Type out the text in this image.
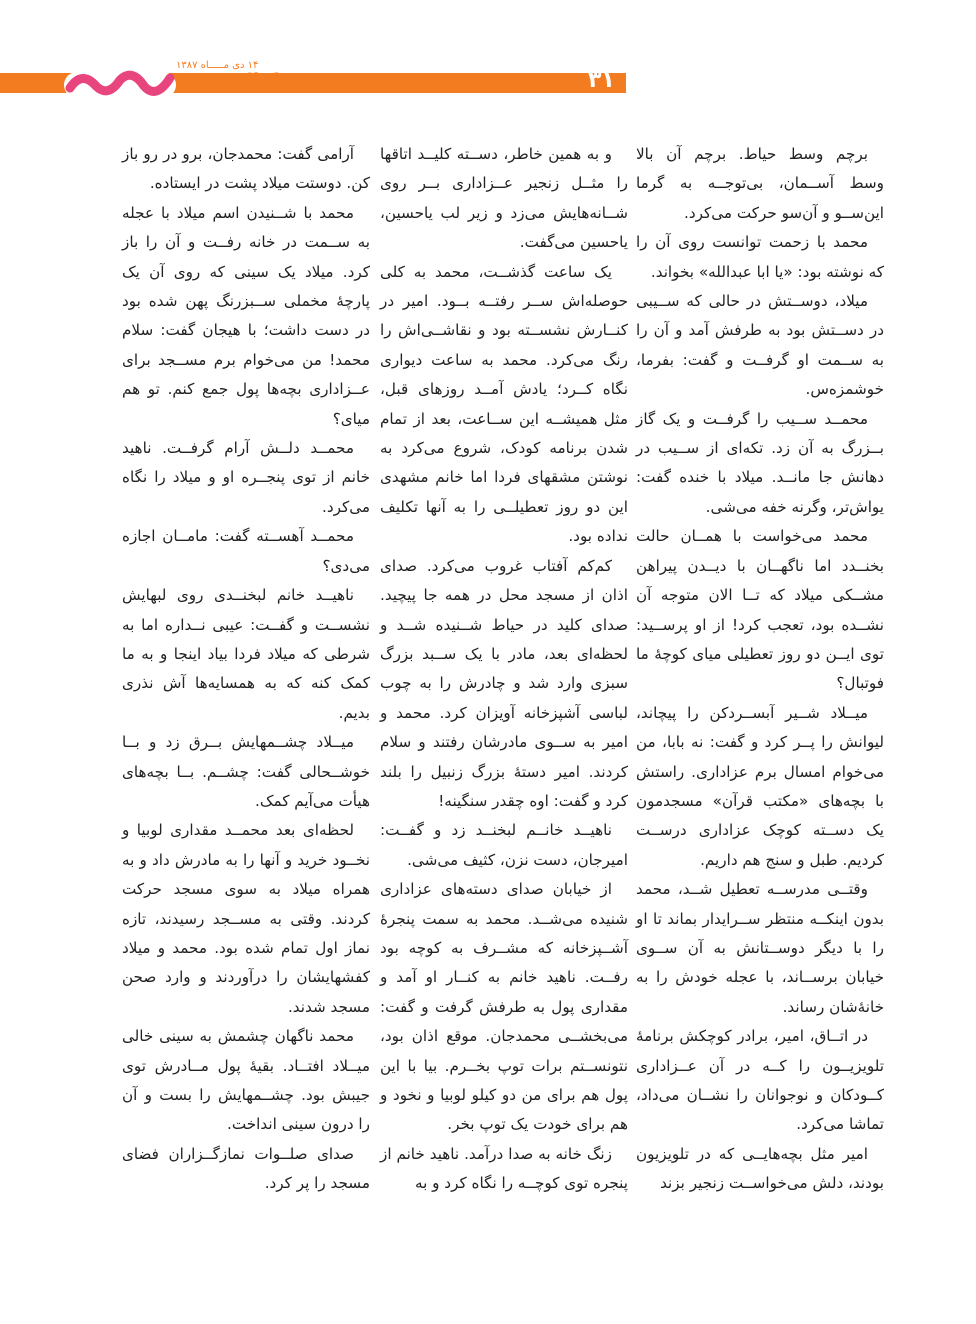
۳۱
۴۰۶
۱۴ دی مـــــاه ۱۳۸۷

برچم وسط حیاط. برچم آن بالا وسط آســمان، بی‌توجــه به گرما این‌ســو و آن‌سو حرکت می‌کرد.

محمد با زحمت توانست روی آن را که نوشته بود: «یا ابا عبدالله» بخواند.

میلاد، دوســتش در حالی که ســیبی در دســتش بود به طرفش آمد و آن را به ســمت او گرفــت و گفت: بفرما، خوشمزه‌س.

محمــد ســیب را گرفــت و یک گاز بــزرگ به آن زد. تکه‌ای از ســیب در دهانش جا مانــد. میلاد با خنده گفت: یواش‌تر، وگرنه خفه می‌شی.

محمد می‌خواست با همــان حالت بخنــدد اما ناگهــان با دیــدن پیراهن مشــکی میلاد که تــا الان متوجه آن نشــده بود، تعجب کرد! از او پرســید: توی ایــن دو روز تعطیلی میای کوچهٔ ما فوتبال؟

میــلاد شــیر آبســردکن را پیچاند، لیوانش را پــر کرد و گفت: نه بابا، من می‌خوام امسال برم عزاداری. راستش با بچه‌های «مکتب قرآن» مسجدمون یک دســته کوچک عزاداری درســت کردیم. طبل و سنج هم داریم.

وقتــی مدرســه تعطیل شــد، محمد بدون اینکــه منتظر ســرایدار بماند تا او را با دیگر دوســتانش به آن ســوی خیابان برســاند، با عجله خودش را به خانهٔ‌شان رساند.

در اتــاق، امیر، برادر کوچکش برنامهٔ تلویزیــون را کــه در آن عــزاداری کــودکان و نوجوانان را نشــان می‌داد، تماشا می‌کرد.

امیر مثل بچه‌هایــی که در تلویزیون بودند، دلش می‌خواســت زنجیر بزند

و به همین خاطر، دســته کلیــد اتاقها را مثــل زنجیر عــزاداری بــر روی شــانه‌هایش می‌زد و زیر لب یاحسین، یاحسین می‌گفت.

یک ساعت گذشــت، محمد به کلی حوصله‌اش ســر رفتــه بــود. امیر در کنــارش نشســته بود و نقاشــی‌اش را رنگ می‌کرد. محمد به ساعت دیواری نگاه کــرد؛ یادش آمــد روزهای قبل، مثل همیشــه این ســاعت، بعد از تمام شدن برنامه کودک، شروع می‌کرد به نوشتن مشقهای فردا اما خانم مشهدی این دو روز تعطیلــی را به آنها تکلیف نداده بود.

کم‌کم آفتاب غروب می‌کرد. صدای اذان از مسجد محل در همه جا پیچید. صدای کلید در حیاط شــنیده شــد و لحظه‌ای بعد، مادر با یک ســبد بزرگ سبزی وارد شد و چادرش را به چوب لباسی آشپزخانه آویزان کرد. محمد و امیر به ســوی مادرشان رفتند و سلام کردند. امیر دستهٔ بزرگ زنبیل را بلند کرد و گفت: اوه چقدر سنگینه!

ناهیــد خانــم لبخنــد زد و گفــت: امیرجان، دست نزن، کثیف می‌شی.

از خیابان صدای دسته‌های عزاداری شنیده می‌شــد. محمد به سمت پنجرهٔ آشــپزخانه که مشــرف به کوچه بود رفــت. ناهید خانم به کنــار او آمد و مقداری پول به طرفش گرفت و گفت: می‌بخشــی محمدجان. موقع اذان بود، نتونســتم برات توپ بخــرم. بیا با این پول هم برای من دو کیلو لوبیا و نخود و هم برای خودت یک توپ بخر.

زنگ خانه به صدا درآمد. ناهید خانم از پنجره توی کوچــه را نگاه کرد و به

آرامی گفت: محمدجان، برو در رو باز کن. دوستت میلاد پشت در ایستاده.

محمد با شــنیدن اسم میلاد با عجله به ســمت در خانه رفــت و آن را باز کرد. میلاد یک سینی که روی آن یک پارچهٔ مخملی ســبزرنگ پهن شده بود در دست داشت؛ با هیجان گفت: سلام محمد! من می‌خوام برم مســجد برای عــزاداری بچه‌ها پول جمع کنم. تو هم میای؟

محمــد دلــش آرام گرفــت. ناهید خانم از توی پنجــره او و میلاد را نگاه می‌کرد.

محمــد آهســته گفت: مامــان اجازه می‌دی؟

ناهیــد خانم لبخنــدی روی لبهایش نشســت و گفــت: عیبی نــداره اما به شرطی که میلاد فردا بیاد اینجا و به ما کمک کنه که به همسایه‌ها آش نذری بدیم.

میــلاد چشــمهایش بــرق زد و بــا خوشــحالی گفت: چشــم. بــا بچه‌های هیأت می‌آیم کمک.

لحظه‌ای بعد محمــد مقداری لوبیا و نخــود خرید و آنها را به مادرش داد و به همراه میلاد به سوی مسجد حرکت کردند. وقتی به مســجد رسیدند، تازه نماز اول تمام شده بود. محمد و میلاد کفشهایشان را درآوردند و وارد صحن مسجد شدند.

محمد ناگهان چشمش به سینی خالی میــلاد افتــاد. بقیهٔ پول مــادرش توی جیبش بود. چشــمهایش را بست و آن را درون سینی انداخت.

صدای صلــوات نمازگــزاران فضای مسجد را پر کرد.
